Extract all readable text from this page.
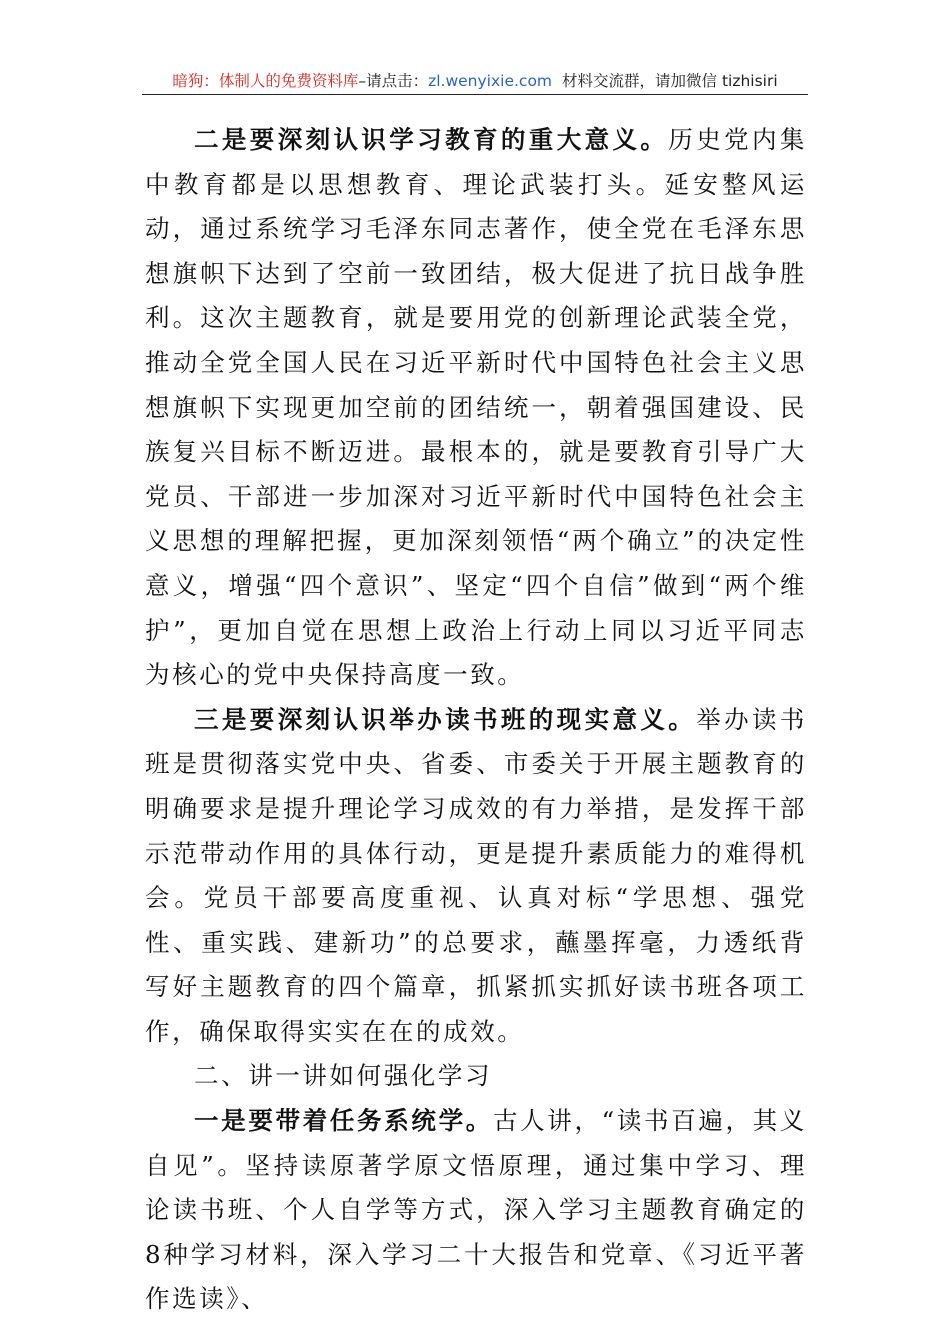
暗狗：体制人的免费资料库–请点击：zl.wenyixie.com 材料交流群，请加微信 tizhisiri

二是要深刻认识学习教育的重大意义。历史党内集中教育都是以思想教育、理论武装打头。延安整风运动，通过系统学习毛泽东同志著作，使全党在毛泽东思想旗帜下达到了空前一致团结，极大促进了抗日战争胜利。这次主题教育，就是要用党的创新理论武装全党，推动全党全国人民在习近平新时代中国特色社会主义思想旗帜下实现更加空前的团结统一，朝着强国建设、民族复兴目标不断迈进。最根本的，就是要教育引导广大党员、干部进一步加深对习近平新时代中国特色社会主义思想的理解把握，更加深刻领悟“两个确立”的决定性意义，增强“四个意识”、坚定“四个自信”做到“两个维护”，更加自觉在思想上政治上行动上同以习近平同志为核心的党中央保持高度一致。

三是要深刻认识举办读书班的现实意义。举办读书班是贯彻落实党中央、省委、市委关于开展主题教育的明确要求是提升理论学习成效的有力举措，是发挥干部示范带动作用的具体行动，更是提升素质能力的难得机会。党员干部要高度重视、认真对标“学思想、强党性、重实践、建新功”的总要求，蘸墨挥毫，力透纸背写好主题教育的四个篇章，抓紧抓实抓好读书班各项工作，确保取得实实在在的成效。

二、讲一讲如何强化学习

一是要带着任务系统学。古人讲，“读书百遍，其义自见”。坚持读原著学原文悟原理，通过集中学习、理论读书班、个人自学等方式，深入学习主题教育确定的8种学习材料，深入学习二十大报告和党章、《习近平著作选读》、
